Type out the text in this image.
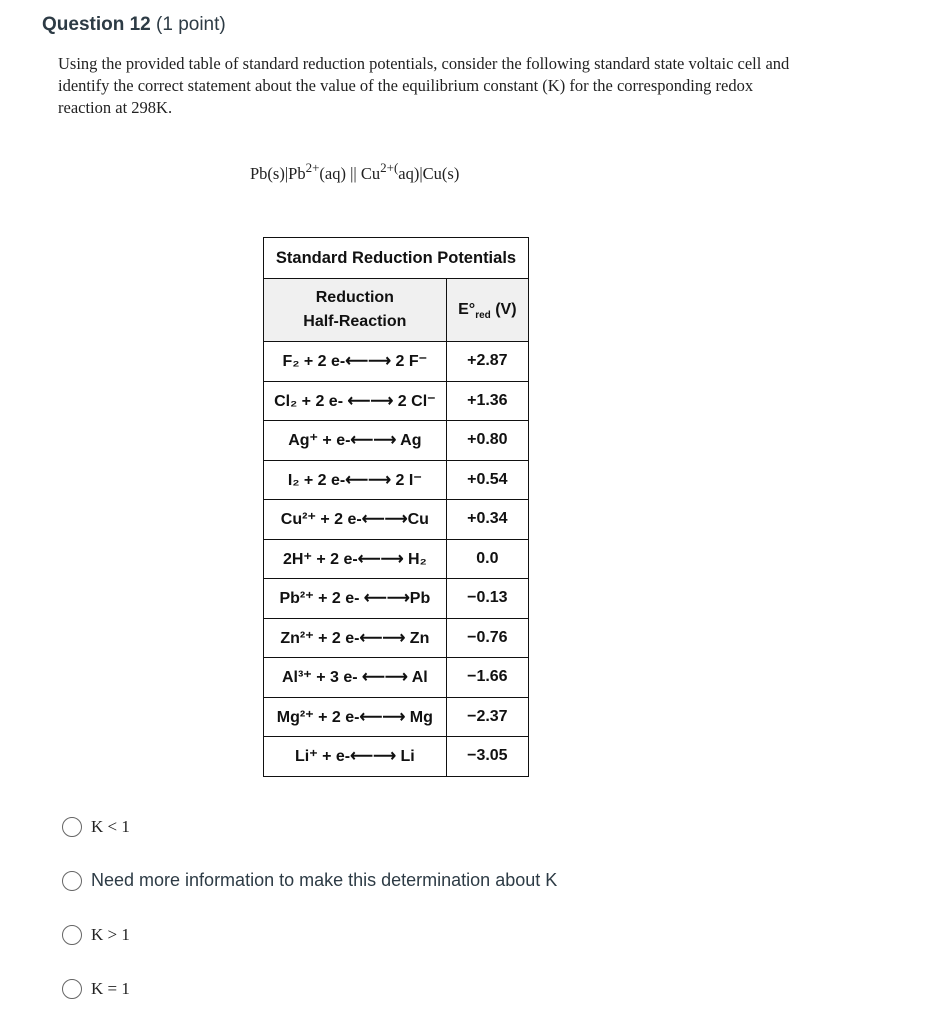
Question 12 (1 point)
Using the provided table of standard reduction potentials, consider the following standard state voltaic cell and identify the correct statement about the value of the equilibrium constant (K) for the corresponding redox reaction at 298K.
$Pb(s)|Pb^{2+}(aq)$ || $Cu^{2+(}aq)|Cu(s)$
Standard Reduction Potentials	
Reduction
Half-Reaction	$E^\circ_{red}$ (V)
F₂ + 2 e-⟵⟶ 2 F⁻	+2.87
Cl₂ + 2 e- ⟵⟶ 2 Cl⁻	+1.36
Ag⁺ + e-⟵⟶ Ag	+0.80
I₂ + 2 e-⟵⟶ 2 I⁻	+0.54
Cu²⁺ + 2 e-⟵⟶Cu	+0.34
2H⁺ + 2 e-⟵⟶ H₂	0.0
Pb²⁺ + 2 e- ⟵⟶Pb	−0.13
Zn²⁺ + 2 e-⟵⟶ Zn	−0.76
Al³⁺ + 3 e- ⟵⟶ Al	−1.66
Mg²⁺ + 2 e-⟵⟶ Mg	−2.37
Li⁺ + e-⟵⟶ Li	−3.05
K < 1
Need more information to make this determination about K
K > 1
K = 1
